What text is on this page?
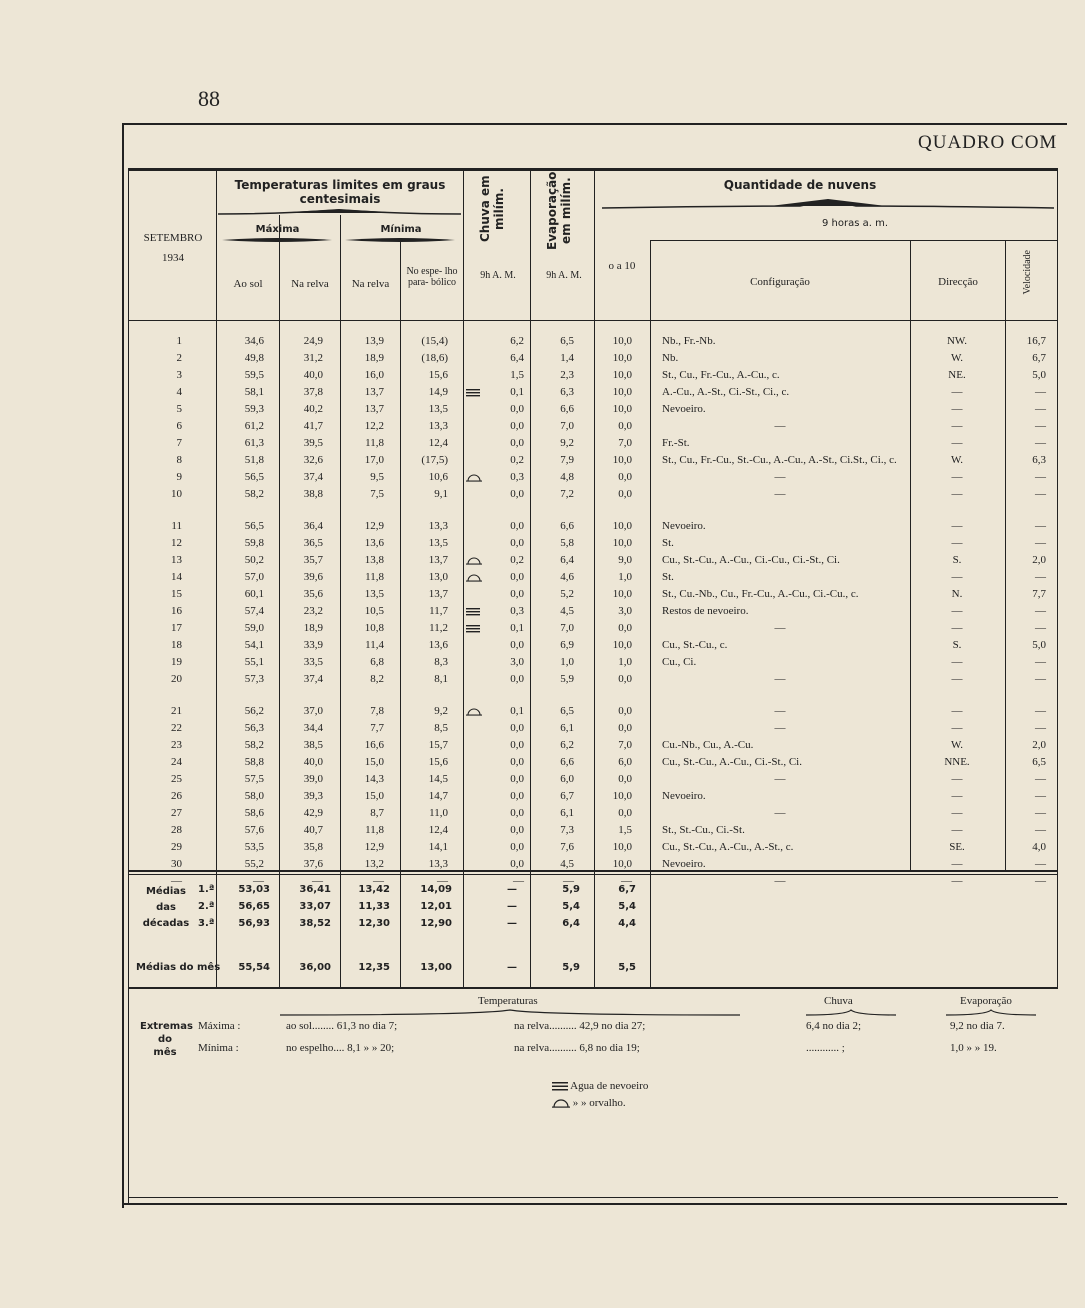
88
QUADRO COM
SETEMBRO
1934
Temperaturas limites em graus centesimais
Máxima	Mínima
Ao sol	Na relva	Na relva
No espe- lho para- bólico
Chuva em milím.	Evaporação em milím.
9h A. M.	9h A. M.
o a 10
Quantidade de nuvens
9 horas a. m.
Configuração	Direcção	Velocidade
1	34,6	24,9	13,9	(15,4)	6,2	6,5	10,0	Nb., Fr.-Nb.	NW.	16,7
2	49,8	31,2	18,9	(18,6)	6,4	1,4	10,0	Nb.	W.	6,7
3	59,5	40,0	16,0	15,6	1,5	2,3	10,0	St., Cu., Fr.-Cu., A.-Cu., c.	NE.	5,0
4	58,1	37,8	13,7	14,9	0,1	6,3	10,0	A.-Cu., A.-St., Ci.-St., Ci., c.	—	—
5	59,3	40,2	13,7	13,5	0,0	6,6	10,0	Nevoeiro.	—	—
6	61,2	41,7	12,2	13,3	0,0	7,0	0,0	—	—	—
7	61,3	39,5	11,8	12,4	0,0	9,2	7,0	Fr.-St.	—	—
8	51,8	32,6	17,0	(17,5)	0,2	7,9	10,0	St., Cu., Fr.-Cu., St.-Cu., A.-Cu., A.-St., Ci.St., Ci., c.	W.	6,3
9	56,5	37,4	9,5	10,6	0,3	4,8	0,0	—	—	—
10	58,2	38,8	7,5	9,1	0,0	7,2	0,0	—	—	—
11	56,5	36,4	12,9	13,3	0,0	6,6	10,0	Nevoeiro.	—	—
12	59,8	36,5	13,6	13,5	0,0	5,8	10,0	St.	—	—
13	50,2	35,7	13,8	13,7	0,2	6,4	9,0	Cu., St.-Cu., A.-Cu., Ci.-Cu., Ci.-St., Ci.	S.	2,0
14	57,0	39,6	11,8	13,0	0,0	4,6	1,0	St.	—	—
15	60,1	35,6	13,5	13,7	0,0	5,2	10,0	St., Cu.-Nb., Cu., Fr.-Cu., A.-Cu., Ci.-Cu., c.	N.	7,7
16	57,4	23,2	10,5	11,7	0,3	4,5	3,0	Restos de nevoeiro.	—	—
17	59,0	18,9	10,8	11,2	0,1	7,0	0,0	—	—	—
18	54,1	33,9	11,4	13,6	0,0	6,9	10,0	Cu., St.-Cu., c.	S.	5,0
19	55,1	33,5	6,8	8,3	3,0	1,0	1,0	Cu., Ci.	—	—
20	57,3	37,4	8,2	8,1	0,0	5,9	0,0	—	—	—
21	56,2	37,0	7,8	9,2	0,1	6,5	0,0	—	—	—
22	56,3	34,4	7,7	8,5	0,0	6,1	0,0	—	—	—
23	58,2	38,5	16,6	15,7	0,0	6,2	7,0	Cu.-Nb., Cu., A.-Cu.	W.	2,0
24	58,8	40,0	15,0	15,6	0,0	6,6	6,0	Cu., St.-Cu., A.-Cu., Ci.-St., Ci.	NNE.	6,5
25	57,5	39,0	14,3	14,5	0,0	6,0	0,0	—	—	—
26	58,0	39,3	15,0	14,7	0,0	6,7	10,0	Nevoeiro.	—	—
27	58,6	42,9	8,7	11,0	0,0	6,1	0,0	—	—	—
28	57,6	40,7	11,8	12,4	0,0	7,3	1,5	St., St.-Cu., Ci.-St.	—	—
29	53,5	35,8	12,9	14,1	0,0	7,6	10,0	Cu., St.-Cu., A.-Cu., A.-St., c.	SE.	4,0
30	55,2	37,6	13,2	13,3	0,0	4,5	10,0	Nevoeiro.	—	—
—	—	—	—	—	—	—	—	—	—	—
Médias
das
décadas
1.ª	53,03	36,41	13,42	14,09	—	5,9	6,7
2.ª	56,65	33,07	11,33	12,01	—	5,4	5,4
3.ª	56,93	38,52	12,30	12,90	—	6,4	4,4
Médias do mês	55,54	36,00	12,35	13,00	—	5,9	5,5
Temperaturas	Chuva	Evaporação
Extremas
do
mês
Máxima :
Mínima :
ao sol........ 61,3 no dia 7;	na relva.......... 42,9 no dia 27;
no espelho.... 8,1 » » 20;	na relva.......... 6,8 no dia 19;
6,4 no dia 2;
............ ;
9,2 no dia 7.
1,0 » » 19.
Agua de nevoeiro
» » orvalho.
